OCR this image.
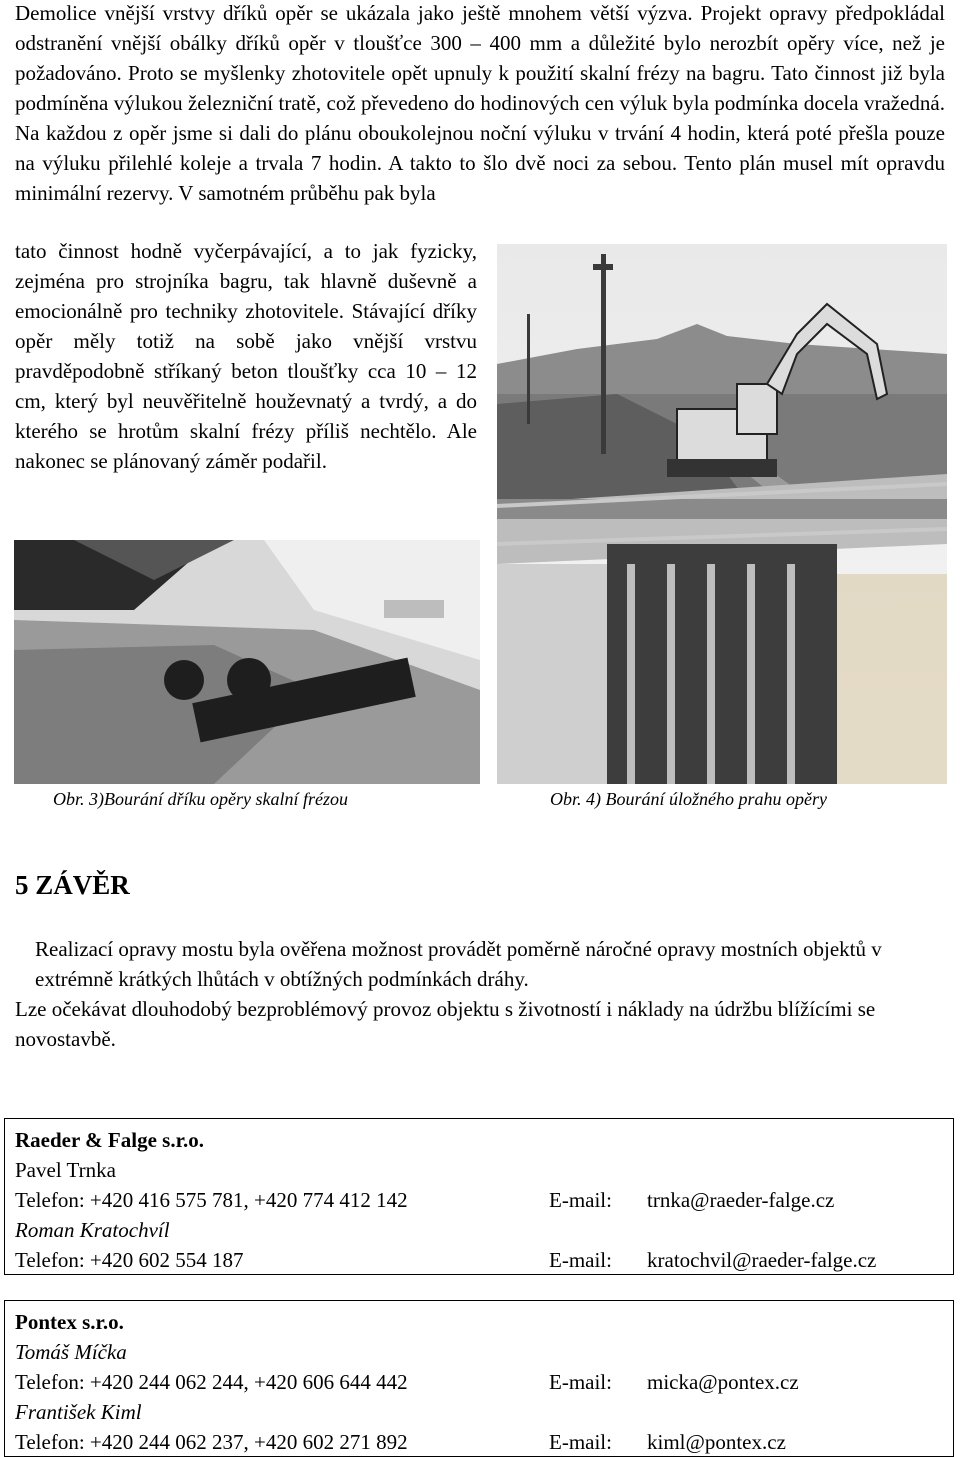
Demolice vnější vrstvy dříků opěr se ukázala jako ještě mnohem větší výzva. Projekt opravy předpokládal odstranění vnější obálky dříků opěr v tloušťce 300 – 400 mm a důležité bylo nerozbít opěry více, než je požadováno. Proto se myšlenky zhotovitele opět upnuly k použití skalní frézy na bagru. Tato činnost již byla podmíněna výlukou železniční tratě, což převedeno do hodinových cen výluk byla podmínka docela vražedná. Na každou z opěr jsme si dali do plánu oboukolejnou noční výluku v trvání 4 hodin, která poté přešla pouze na výluku přilehlé koleje a trvala 7 hodin. A takto to šlo dvě noci za sebou. Tento plán musel mít opravdu minimální rezervy. V samotném průběhu pak byla

tato činnost hodně vyčerpávající, a to jak fyzicky, zejména pro strojníka bagru, tak hlavně duševně a emocionálně pro techniky zhotovitele. Stávající dříky opěr měly totiž na sobě jako vnější vrstvu pravděpodobně stříkaný beton tloušťky cca 10 – 12 cm, který byl neuvěřitelně houževnatý a tvrdý, a do kterého se hrotům skalní frézy příliš nechtělo. Ale nakonec se plánovaný záměr podařil.

Obr. 3)Bourání dříku opěry skalní frézou	Obr. 4) Bourání úložného prahu opěry
5 ZÁVĚR
Realizací opravy mostu byla ověřena možnost provádět poměrně náročné opravy mostních objektů v extrémně krátkých lhůtách v obtížných podmínkách dráhy.
Lze očekávat dlouhodobý bezproblémový provoz objektu s životností i náklady na údržbu blížícími se novostavbě.
Raeder & Falge s.r.o.
Pavel Trnka
Telefon: +420 416 575 781, +420 774 412 142	E-mail:	trnka@raeder-falge.cz
Roman Kratochvíl
Telefon: +420 602 554 187	E-mail:	kratochvil@raeder-falge.cz
Pontex s.r.o.
Tomáš Míčka
Telefon: +420 244 062 244, +420 606 644 442	E-mail:	micka@pontex.cz
František Kiml
Telefon: +420 244 062 237, +420 602 271 892	E-mail:	kiml@pontex.cz
